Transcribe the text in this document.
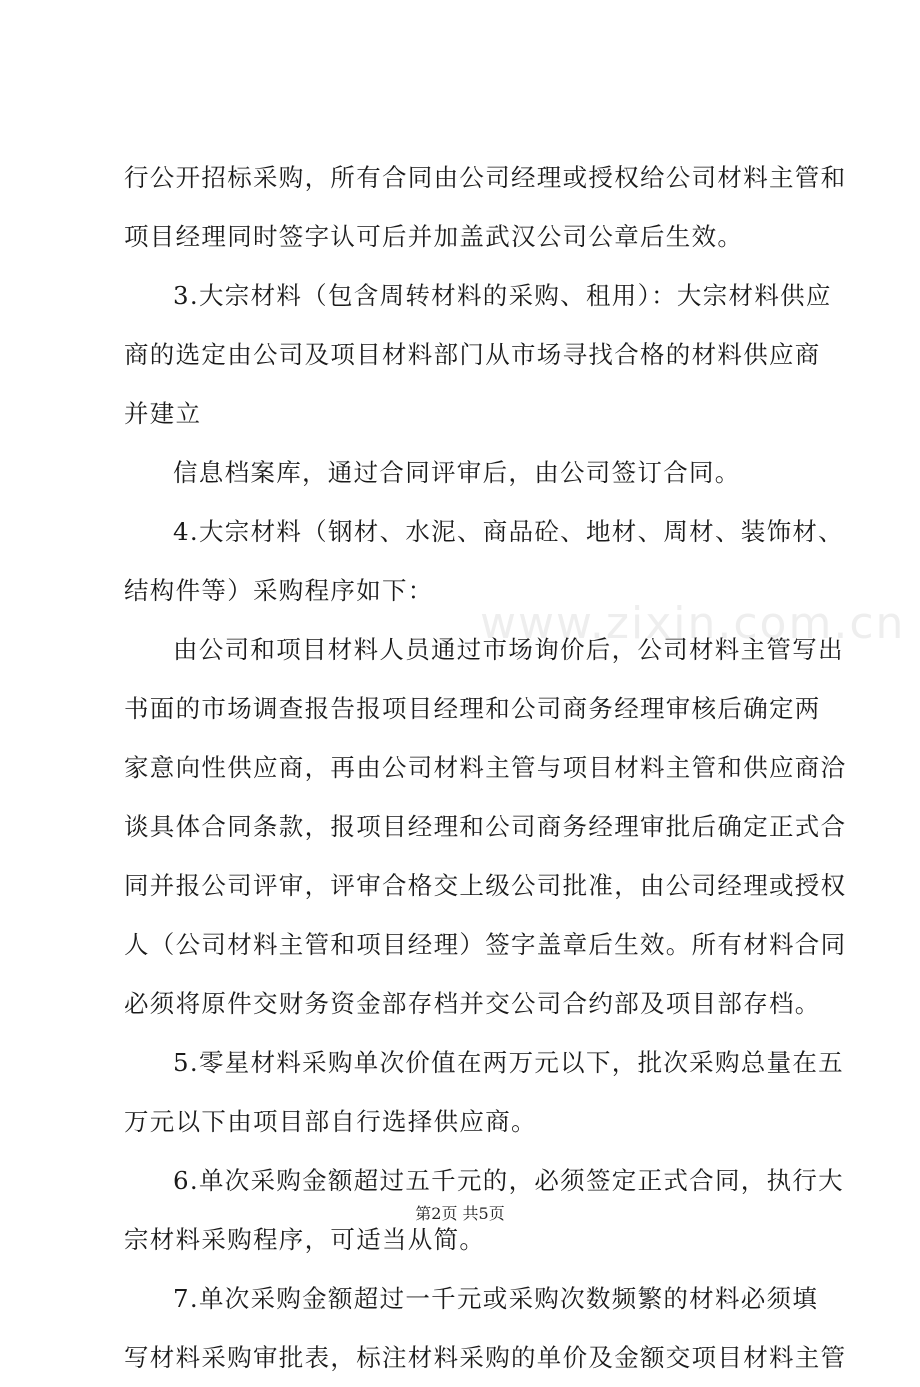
行公开招标采购，所有合同由公司经理或授权给公司材料主管和
项目经理同时签字认可后并加盖武汉公司公章后生效。
3.大宗材料（包含周转材料的采购、租用）：大宗材料供应
商的选定由公司及项目材料部门从市场寻找合格的材料供应商
并建立
信息档案库，通过合同评审后，由公司签订合同。
4.大宗材料（钢材、水泥、商品砼、地材、周材、装饰材、
结构件等）采购程序如下：
由公司和项目材料人员通过市场询价后，公司材料主管写出
书面的市场调查报告报项目经理和公司商务经理审核后确定两
家意向性供应商，再由公司材料主管与项目材料主管和供应商洽
谈具体合同条款，报项目经理和公司商务经理审批后确定正式合
同并报公司评审，评审合格交上级公司批准，由公司经理或授权
人（公司材料主管和项目经理）签字盖章后生效。所有材料合同
必须将原件交财务资金部存档并交公司合约部及项目部存档。
5.零星材料采购单次价值在两万元以下，批次采购总量在五
万元以下由项目部自行选择供应商。
6.单次采购金额超过五千元的，必须签定正式合同，执行大
宗材料采购程序，可适当从简。
7.单次采购金额超过一千元或采购次数频繁的材料必须填
写材料采购审批表，标注材料采购的单价及金额交项目材料主管
www.zixin.com.cn
第2页 共5页
